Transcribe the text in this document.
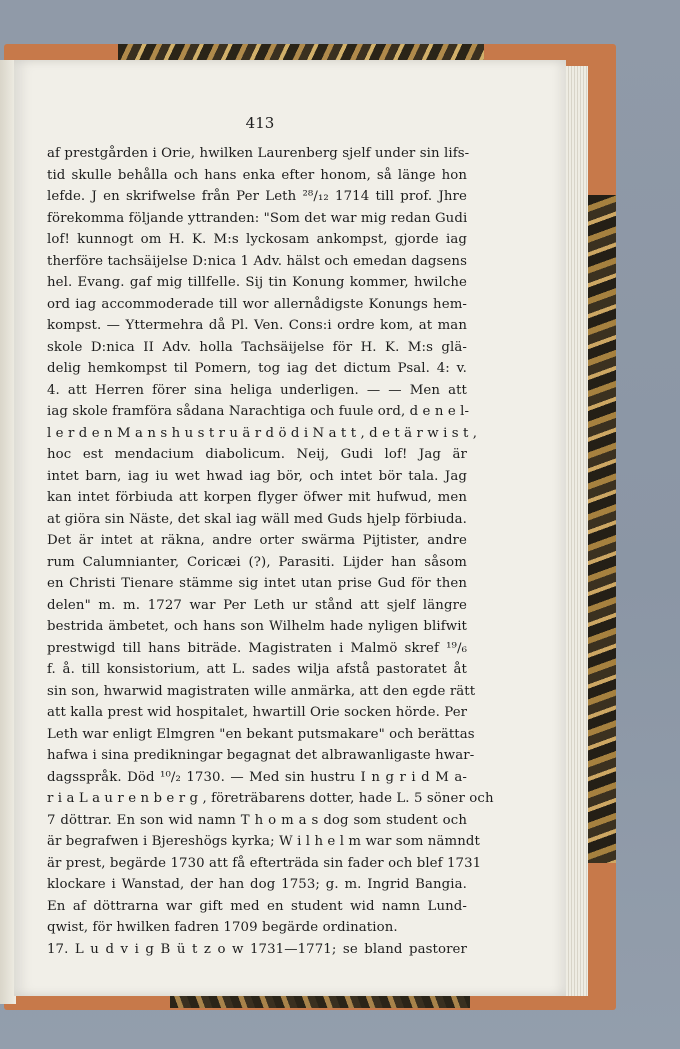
413
af prestgården i Orie, hwilken Laurenberg sjelf under sin lifs-
tid skulle behålla och hans enka efter honom, så länge hon
lefde. J en skrifwelse från Per Leth ²⁸/₁₂ 1714 till prof. Jhre
förekomma följande yttranden: "Som det war mig redan Gudi
lof! kunnogt om H. K. M:s lyckosam ankompst, gjorde iag
therföre tachsäijelse D:nica 1 Adv. hälst och emedan dagsens
hel. Evang. gaf mig tillfelle. Sij tin Konung kommer, hwilche
ord iag accommoderade till wor allernådigste Konungs hem-
kompst. — Yttermehra då Pl. Ven. Cons:i ordre kom, at man
skole D:nica II Adv. holla Tachsäijelse för H. K. M:s glä-
delig hemkompst til Pomern, tog iag det dictum Psal. 4: v.
4. att Herren förer sina heliga underligen. — — Men att
iag skole framföra sådana Narachtiga och fuule ord, d e n e l-
l e r d e n M a n s h u s t r u ä r d ö d i N a t t , d e t ä r w i s t ,
hoc est mendacium diabolicum. Neij, Gudi lof! Jag är
intet barn, iag iu wet hwad iag bör, och intet bör tala. Jag
kan intet förbiuda att korpen flyger öfwer mit hufwud, men
at giöra sin Näste, det skal iag wäll med Guds hjelp förbiuda.
Det är intet at räkna, andre orter swärma Pijtister, andre
rum Calumnianter, Coricæi (?), Parasiti. Lijder han såsom
en Christi Tienare stämme sig intet utan prise Gud för then
delen" m. m. 1727 war Per Leth ur stånd att sjelf längre
bestrida ämbetet, och hans son Wilhelm hade nyligen blifwit
prestwigd till hans biträde. Magistraten i Malmö skref ¹⁹/₆
f. å. till konsistorium, att L. sades wilja afstå pastoratet åt
sin son, hwarwid magistraten wille anmärka, att den egde rätt
att kalla prest wid hospitalet, hwartill Orie socken hörde. Per
Leth war enligt Elmgren "en bekant putsmakare" och berättas
hafwa i sina predikningar begagnat det albrawanligaste hwar-
dagsspråk. Död ¹⁰/₂ 1730. — Med sin hustru I n g r i d M a-
r i a L a u r e n b e r g , företräbarens dotter, hade L. 5 söner och
7 döttrar. En son wid namn T h o m a s dog som student och
är begrafwen i Bjereshögs kyrka; W i l h e l m war som nämndt
är prest, begärde 1730 att få efterträda sin fader och blef 1731
klockare i Wanstad, der han dog 1753; g. m. Ingrid Bangia.
En af döttrarna war gift med en student wid namn Lund-
qwist, för hwilken fadren 1709 begärde ordination.
17. L u d v i g B ü t z o w 1731—1771; se bland pastorer
